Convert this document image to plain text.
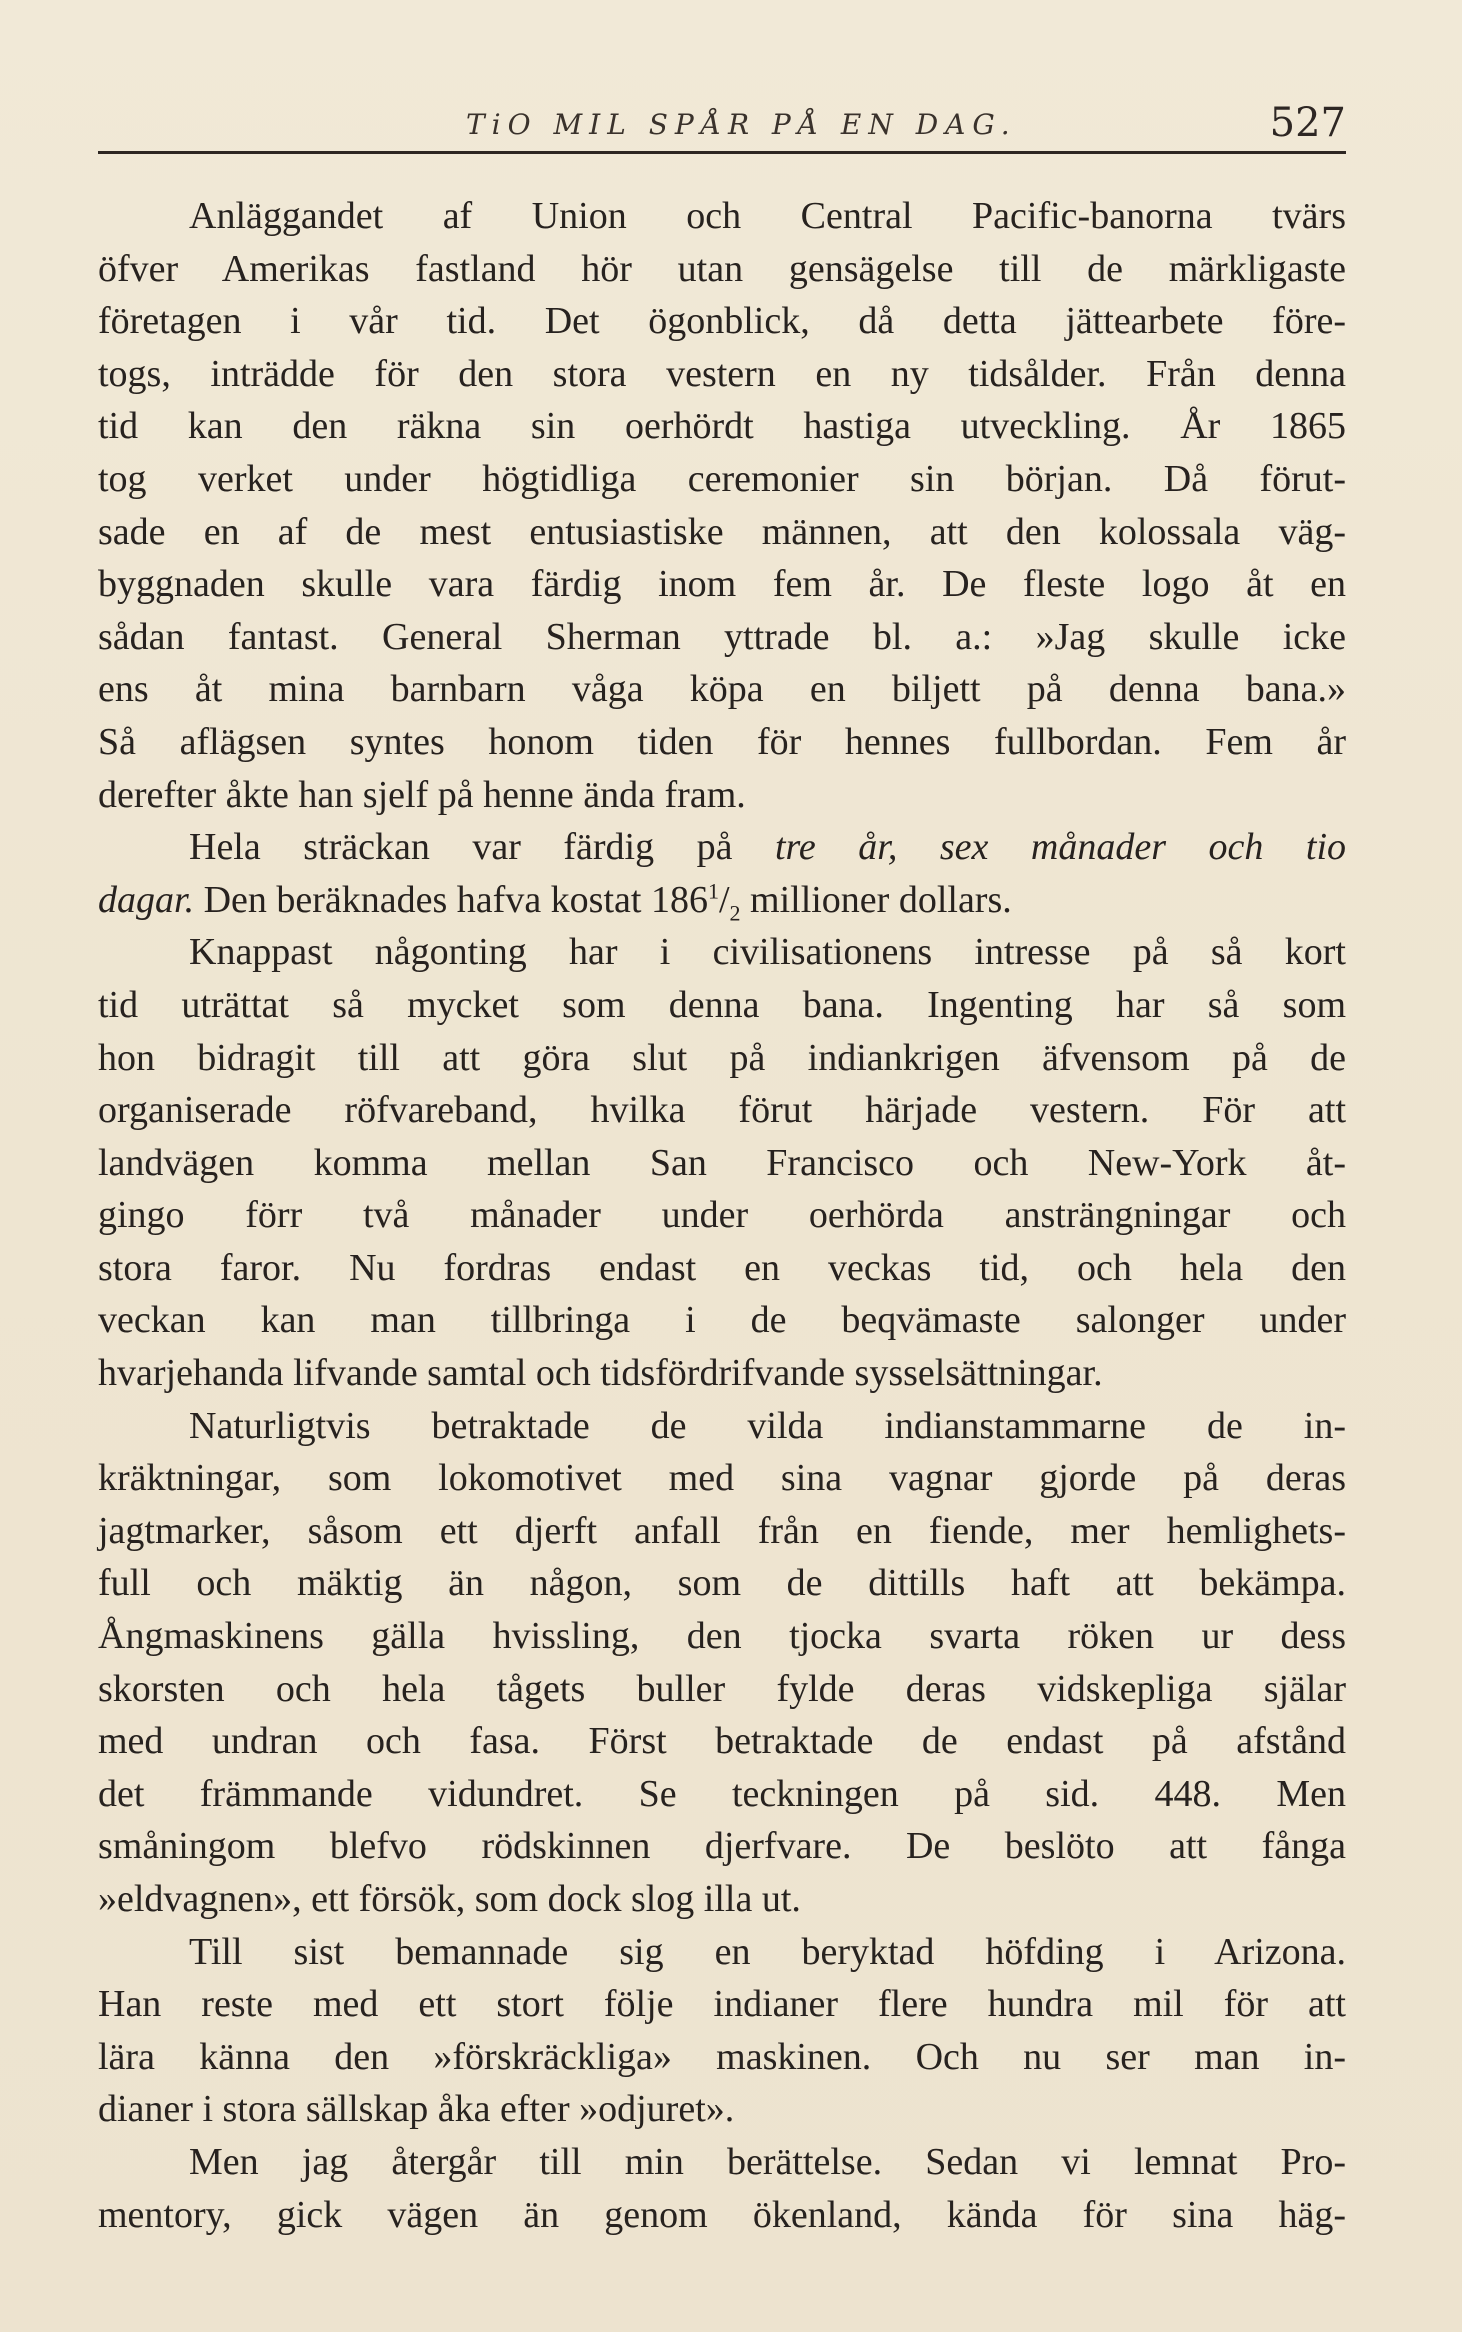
TiO MIL SPÅR PÅ EN DAG.	527
Anläggandet af Union och Central Pacific-banorna tvärs
öfver Amerikas fastland hör utan gensägelse till de märkligaste
företagen i vår tid. Det ögonblick, då detta jättearbete före-
togs, inträdde för den stora vestern en ny tidsålder. Från denna
tid kan den räkna sin oerhördt hastiga utveckling. År 1865
tog verket under högtidliga ceremonier sin början. Då förut-
sade en af de mest entusiastiske männen, att den kolossala väg-
byggnaden skulle vara färdig inom fem år. De fleste logo åt en
sådan fantast. General Sherman yttrade bl. a.: »Jag skulle icke
ens åt mina barnbarn våga köpa en biljett på denna bana.»
Så aflägsen syntes honom tiden för hennes fullbordan. Fem år
derefter åkte han sjelf på henne ända fram.
Hela sträckan var färdig på tre år, sex månader och tio
dagar. Den beräknades hafva kostat $186^1/_2$ millioner dollars.
Knappast någonting har i civilisationens intresse på så kort
tid uträttat så mycket som denna bana. Ingenting har så som
hon bidragit till att göra slut på indiankrigen äfvensom på de
organiserade röfvareband, hvilka förut härjade vestern. För att
landvägen komma mellan San Francisco och New-York åt-
gingo förr två månader under oerhörda ansträngningar och
stora faror. Nu fordras endast en veckas tid, och hela den
veckan kan man tillbringa i de beqvämaste salonger under
hvarjehanda lifvande samtal och tidsfördrifvande sysselsättningar.
Naturligtvis betraktade de vilda indianstammarne de in-
kräktningar, som lokomotivet med sina vagnar gjorde på deras
jagtmarker, såsom ett djerft anfall från en fiende, mer hemlighets-
full och mäktig än någon, som de dittills haft att bekämpa.
Ångmaskinens gälla hvissling, den tjocka svarta röken ur dess
skorsten och hela tågets buller fylde deras vidskepliga själar
med undran och fasa. Först betraktade de endast på afstånd
det främmande vidundret. Se teckningen på sid. 448. Men
småningom blefvo rödskinnen djerfvare. De beslöto att fånga
»eldvagnen», ett försök, som dock slog illa ut.
Till sist bemannade sig en beryktad höfding i Arizona.
Han reste med ett stort följe indianer flere hundra mil för att
lära känna den »förskräckliga» maskinen. Och nu ser man in-
dianer i stora sällskap åka efter »odjuret».
Men jag återgår till min berättelse. Sedan vi lemnat Pro-
mentory, gick vägen än genom ökenland, kända för sina häg-
